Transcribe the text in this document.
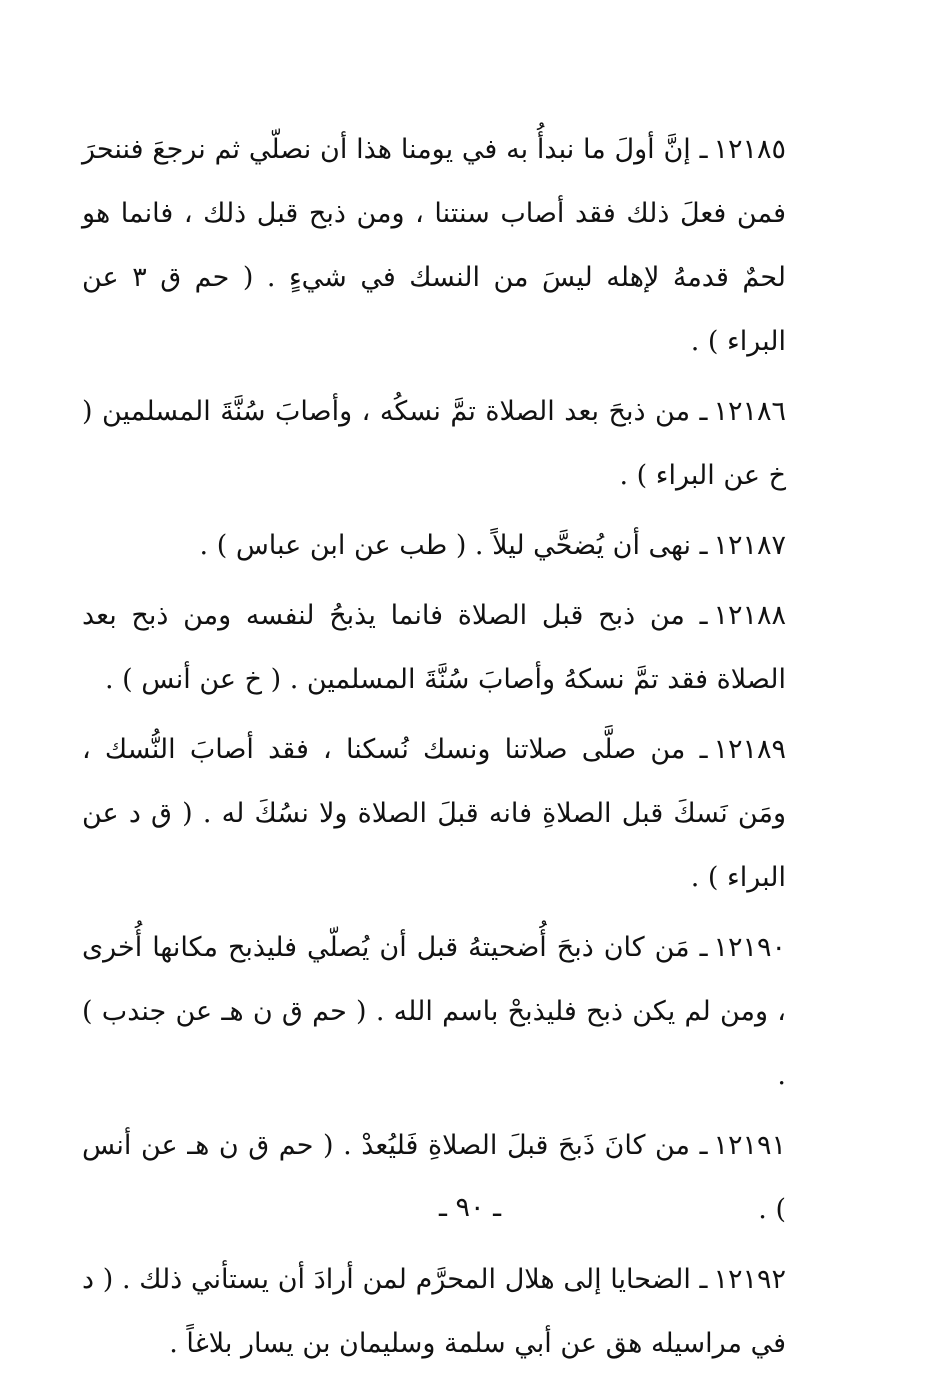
١٢١٨٥ـ إنَّ أولَ ما نبدأُ به في يومنا هذا أن نصلّي ثم نرجعَ فننحرَ فمن فعلَ ذلك فقد أصاب سنتنا ، ومن ذبح قبل ذلك ، فانما هو لحمٌ قدمهُ لإهله ليسَ من النسك في شيءٍ . ( حم ق ٣ عن البراء ) .

١٢١٨٦ـ من ذبحَ بعد الصلاة تمَّ نسكُه ، وأصابَ سُنَّةَ المسلمين ( خ عن البراء ) .

١٢١٨٧ـ نهى أن يُضحَّي ليلاً . ( طب عن ابن عباس ) .

١٢١٨٨ـ من ذبح قبل الصلاة فانما يذبحُ لنفسه ومن ذبح بعد الصلاة فقد تمَّ نسكهُ وأصابَ سُنَّةَ المسلمين . ( خ عن أنس ) .

١٢١٨٩ـ من صلَّى صلاتنا ونسك نُسكنا ، فقد أصابَ النُّسك ، ومَن نَسكَ قبل الصلاةِ فانه قبلَ الصلاة ولا نسُكَ له . ( ق د عن البراء ) .

١٢١٩٠ـ مَن كان ذبحَ أُضحيتهُ قبل أن يُصلّي فليذبح مكانها أُخرى ، ومن لم يكن ذبح فليذبحْ باسم الله . ( حم ق ن هـ عن جندب ) .

١٢١٩١ـ من كانَ ذَبحَ قبلَ الصلاةِ فَليُعدْ . ( حم ق ن هـ عن أنس ) .

١٢١٩٢ـ الضحايا إلى هلال المحرَّم لمن أرادَ أن يستأني ذلك . ( د في مراسيله هق عن أبي سلمة وسليمان بن يسار بلاغاً .

ـ ٩٠ ـ
